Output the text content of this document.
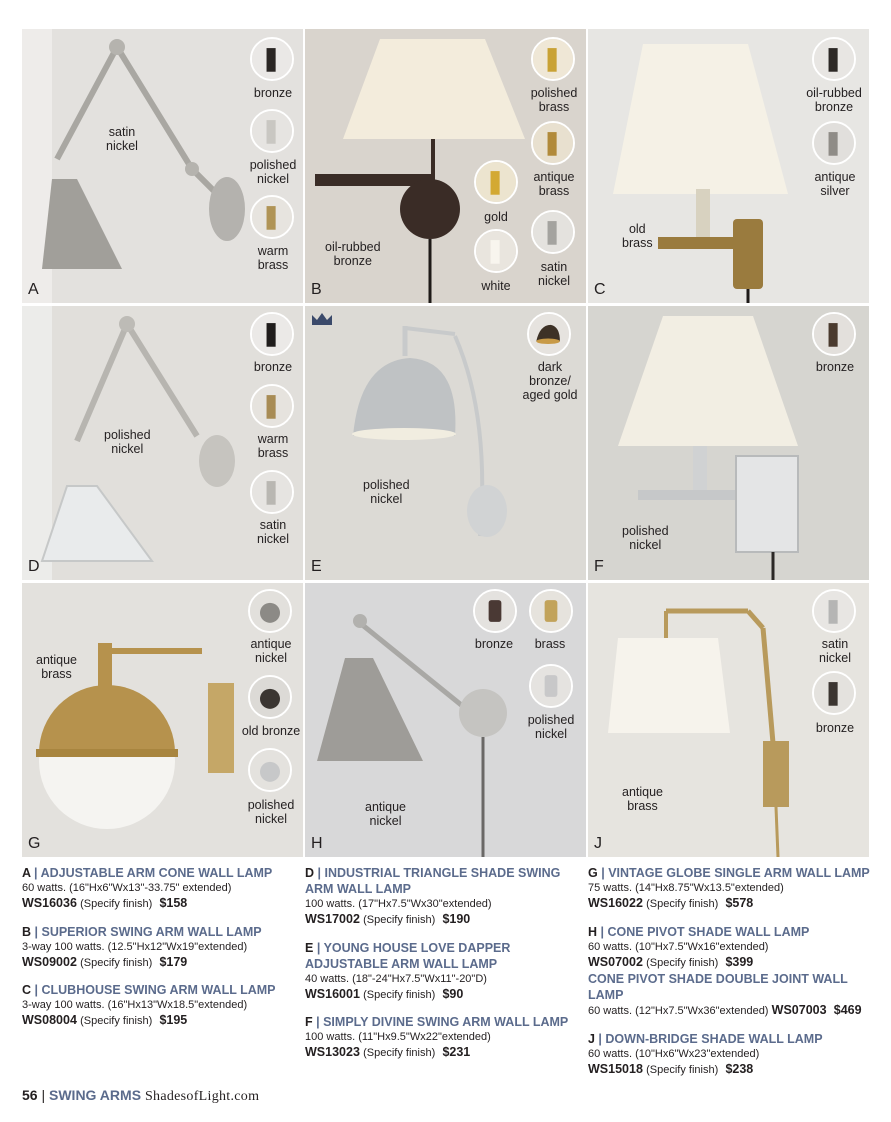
satin
nickel
bronze
polished
nickel
warm
brass
A
oil-rubbed
bronze
polished
brass
antique
brass
gold
white
satin
nickel
B
old
brass
oil-rubbed
bronze
antique
silver
C
polished
nickel
bronze
warm
brass
satin
nickel
D
polished
nickel
dark
bronze/
aged gold
E
polished
nickel
bronze
F
antique
brass
antique
nickel
old bronze
polished
nickel
G
antique
nickel
bronze	brass
polished
nickel
H
antique
brass
satin
nickel
bronze
J
A | ADJUSTABLE ARM CONE WALL LAMP
60 watts. (16"Hx6"Wx13"-33.75" extended)
WS16036 (Specify finish) $158
B | SUPERIOR SWING ARM WALL LAMP
3-way 100 watts. (12.5"Hx12"Wx19"extended)
WS09002 (Specify finish) $179
C | CLUBHOUSE SWING ARM WALL LAMP
3-way 100 watts. (16"Hx13"Wx18.5"extended)
WS08004 (Specify finish) $195
D | INDUSTRIAL TRIANGLE SHADE SWING ARM WALL LAMP
100 watts. (17"Hx7.5"Wx30"extended)
WS17002 (Specify finish) $190
E | YOUNG HOUSE LOVE DAPPER ADJUSTABLE ARM WALL LAMP
40 watts. (18"-24"Hx7.5"Wx11"-20"D)
WS16001 (Specify finish) $90
F | SIMPLY DIVINE SWING ARM WALL LAMP
100 watts. (11"Hx9.5"Wx22"extended)
WS13023 (Specify finish) $231
G | VINTAGE GLOBE SINGLE ARM WALL LAMP
75 watts. (14"Hx8.75"Wx13.5"extended)
WS16022 (Specify finish) $578
H | CONE PIVOT SHADE WALL LAMP
60 watts. (10"Hx7.5"Wx16"extended)
WS07002 (Specify finish) $399
CONE PIVOT SHADE DOUBLE JOINT WALL LAMP
60 watts. (12"Hx7.5"Wx36"extended) WS07003 $469
J | DOWN-BRIDGE SHADE WALL LAMP
60 watts. (10"Hx6"Wx23"extended)
WS15018 (Specify finish) $238
56 | SWING ARMS ShadesofLight.com
